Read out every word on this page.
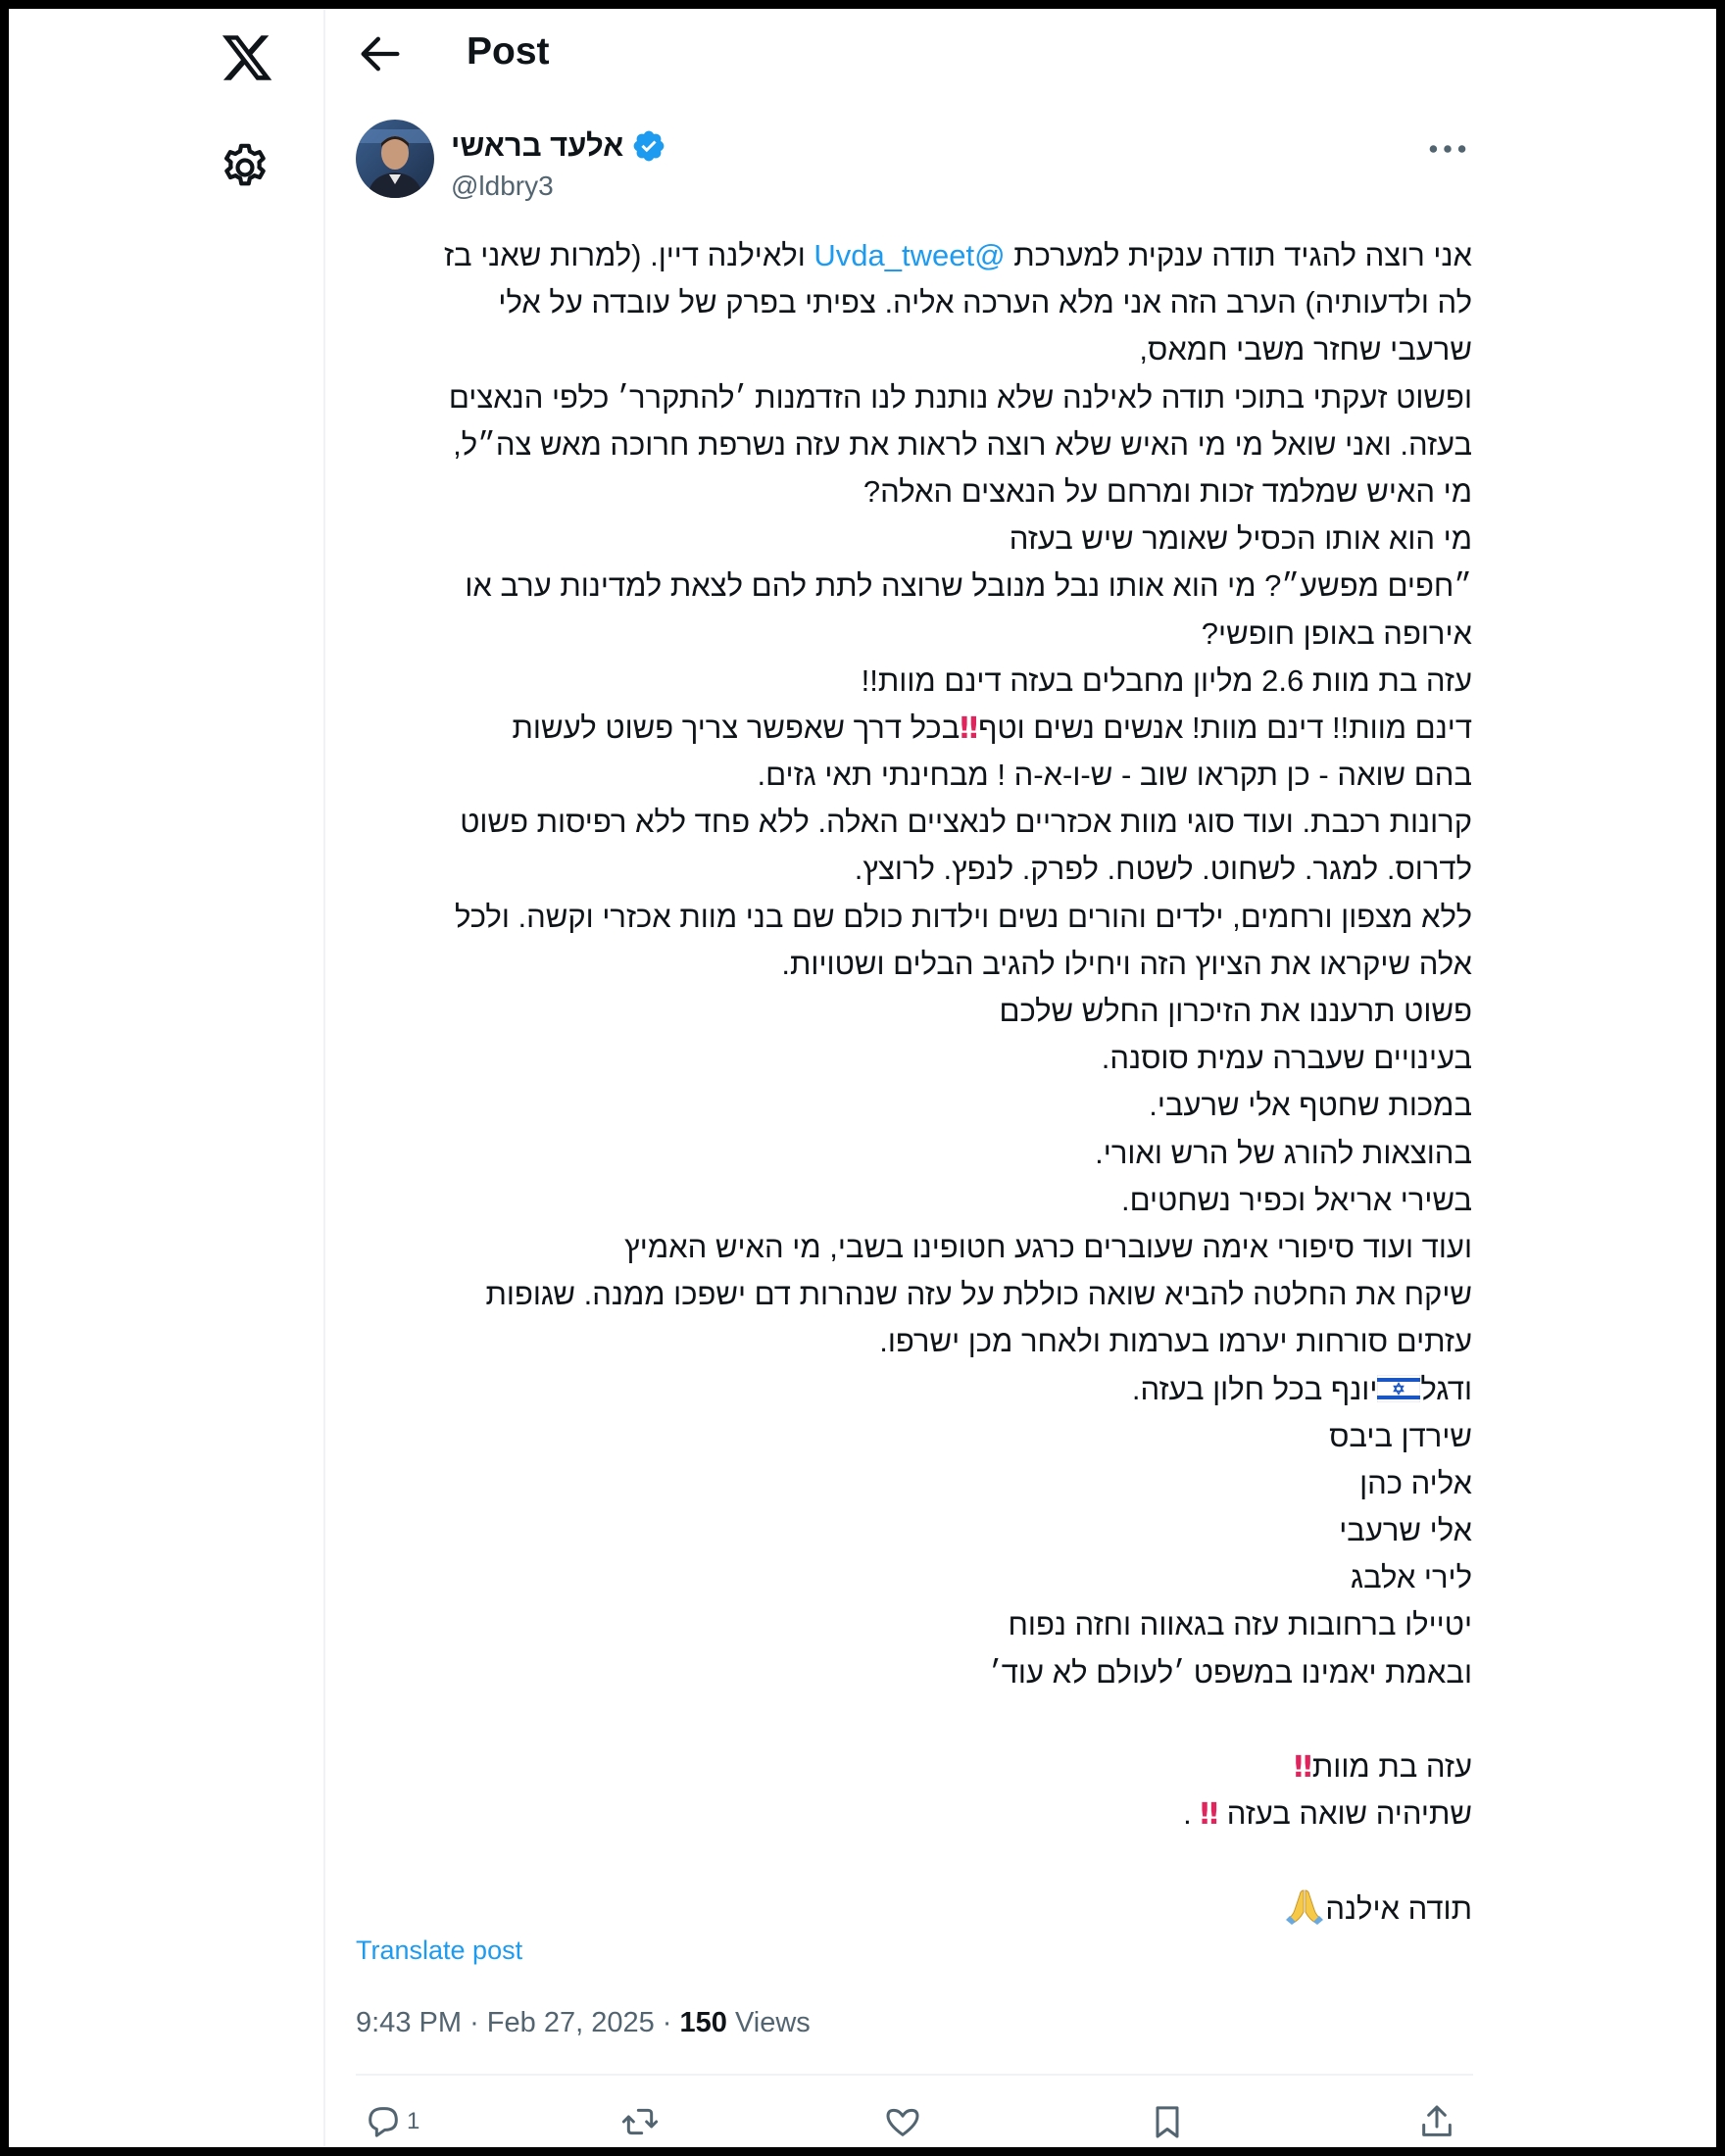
Post
אלעד בראשי
@ldbry3
אני רוצה להגיד תודה ענקית למערכת @Uvda_tweet ולאילנה דיין. (למרות שאני בז
לה ולדעותיה) הערב הזה אני מלא הערכה אליה. צפיתי בפרק של עובדה על אלי
שרעבי שחזר משבי חמאס,
ופשוט זעקתי בתוכי תודה לאילנה שלא נותנת לנו הזדמנות ׳להתקרר׳ כלפי הנאצים
בעזה. ואני שואל מי מי האיש שלא רוצה לראות את עזה נשרפת חרוכה מאש צה״ל,
מי האיש שמלמד זכות ומרחם על הנאצים האלה?
מי הוא אותו הכסיל שאומר שיש בעזה
״חפים מפשע״? מי הוא אותו נבל מנובל שרוצה לתת להם לצאת למדינות ערב או
אירופה באופן חופשי?
עזה בת מוות 2.6 מליון מחבלים בעזה דינם מוות!!
דינם מוות!! דינם מוות! אנשים נשים וטף‼בכל דרך שאפשר צריך פשוט לעשות
בהם שואה - כן תקראו שוב - ש-ו-א-ה ! מבחינתי תאי גזים.
קרונות רכבת. ועוד סוגי מוות אכזריים לנאציים האלה. ללא פחד ללא רפיסות פשוט
לדרוס. למגר. לשחוט. לשטח. לפרק. לנפץ. לרוצץ.
ללא מצפון ורחמים, ילדים והורים נשים וילדות כולם שם בני מוות אכזרי וקשה. ולכל
אלה שיקראו את הציוץ הזה ויחילו להגיב הבלים ושטויות.
פשוט תרעננו את הזיכרון החלש שלכם
בעינויים שעברה עמית סוסנה.
במכות שחטף אלי שרעבי.
בהוצאות להורג של הרש ואורי.
בשירי אריאל וכפיר נשחטים.
ועוד ועוד סיפורי אימה שעוברים כרגע חטופינו בשבי, מי האיש האמיץ
שיקח את החלטה להביא שואה כוללת על עזה שנהרות דם ישפכו ממנה. שגופות
עזתים סורחות יערמו בערמות ולאחר מכן ישרפו.
ודגליונף בכל חלון בעזה.
שירדן ביבס
אליה כהן
אלי שרעבי
לירי אלבג
יטיילו ברחובות עזה בגאווה וחזה נפוח
ובאמת יאמינו במשפט ׳לעולם לא עוד׳
עזה בת מוות‼
שתיהיה שואה בעזה ‼ .
תודה אילנה
Translate post
9:43 PM · Feb 27, 2025 · 150 Views
1
